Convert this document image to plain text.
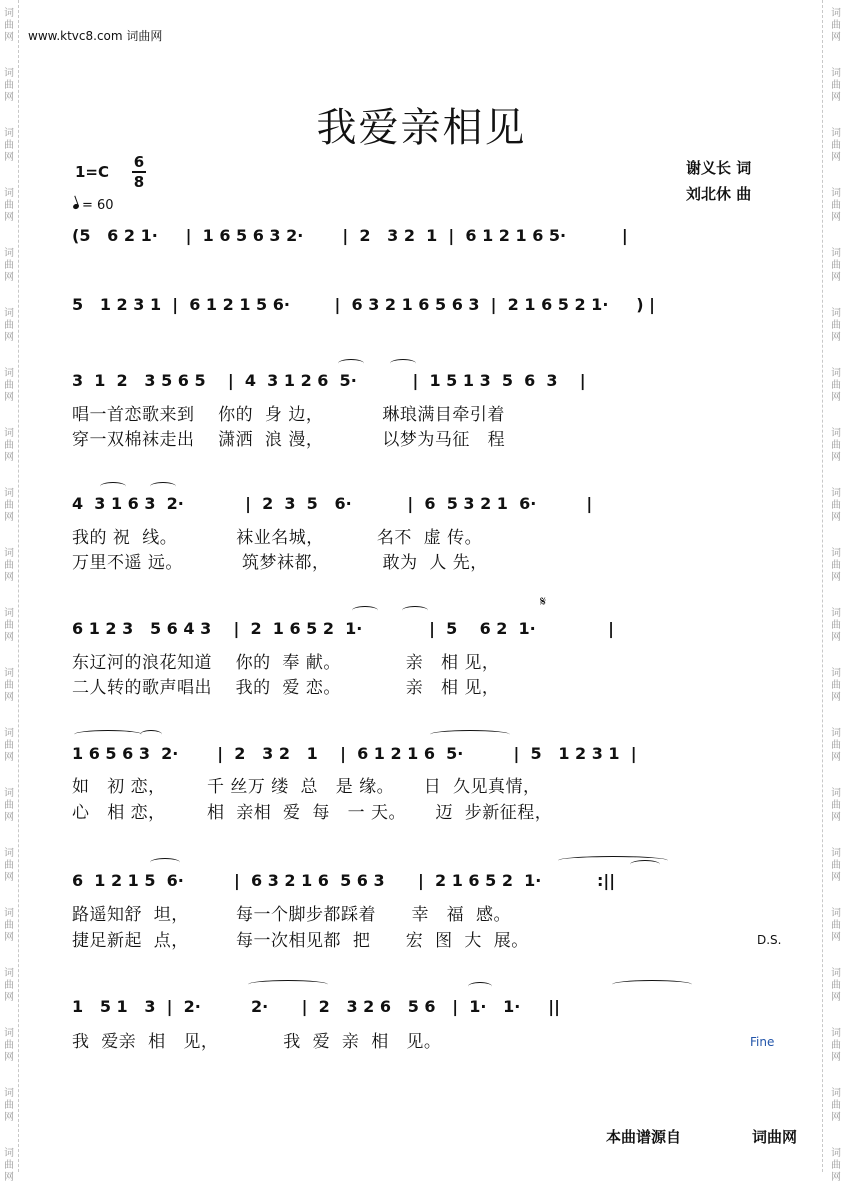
词
曲
网
词
曲
网
词
曲
网
词
曲
网
词
曲
网
词
曲
网
词
曲
网
词
曲
网
词
曲
网
词
曲
网
词
曲
网
词
曲
网
词
曲
网
词
曲
网
词
曲
网
词
曲
网
词
曲
网
词
曲
网
词
曲
网
词
曲
网
词
曲
网
词
曲
网
词
曲
网
词
曲
网
词
曲
网
词
曲
网
词
曲
网
词
曲
网
词
曲
网
词
曲
网
词
曲
网
词
曲
网
词
曲
网
词
曲
网
词
曲
网
词
曲
网
词
曲
网
词
曲
网
词
曲
网
词
曲
网
www.ktvc8.com 词曲网
我爱亲相见
1=C
6
8
= 60
谢义长 词
刘北休 曲
(5   6 2 1·     |  1 6 5 6 3 2·       |  2   3 2  1  |  6 1 2 1 6 5·          |
5   1 2 3 1  |  6 1 2 1 5 6·        |  6 3 2 1 6 5 6 3  |  2 1 6 5 2 1·     ) |
3  1  2   3 5 6 5    |  4  3 1 2 6  5·          |  1 5 1 3  5  6  3    |
唱一首恋歌来到    你的  身 边，          琳琅满目牵引着
穿一双棉袜走出    潇洒  浪 漫，          以梦为马征   程
4  3 1 6 3  2·           |  2  3  5   6·          |  6  5 3 2 1  6·         |
我的 祝  线。          袜业名城，         名不  虚 传。
万里不遥 远。          筑梦袜都，         敢为  人 先，
𝄋
6 1 2 3   5 6 4 3    |  2  1 6 5 2  1·            |  5    6 2  1·             |
东辽河的浪花知道    你的  奉 献。           亲   相 见，
二人转的歌声唱出    我的  爱 恋。           亲   相 见，
1 6 5 6 3  2·       |  2   3 2   1    |  6 1 2 1 6  5·         |  5   1 2 3 1  |
如   初 恋，       千 丝万 缕  总   是 缘。     日  久见真情，
心   相 恋，       相  亲相  爱  每   一 天。     迈  步新征程，
6  1 2 1 5  6·         |  6 3 2 1 6  5 6 3      |  2 1 6 5 2  1·          :||
路遥知舒  坦，        每一个脚步都踩着      幸   福  感。
捷足新起  点，        每一次相见都  把      宏  图  大  展。	D.S.
1   5 1   3  |  2·         2·      |  2   3 2 6   5 6   |  1·   1·     ||
我  爱亲  相   见，           我  爱  亲  相   见。	Fine
本曲谱源自	词曲网
